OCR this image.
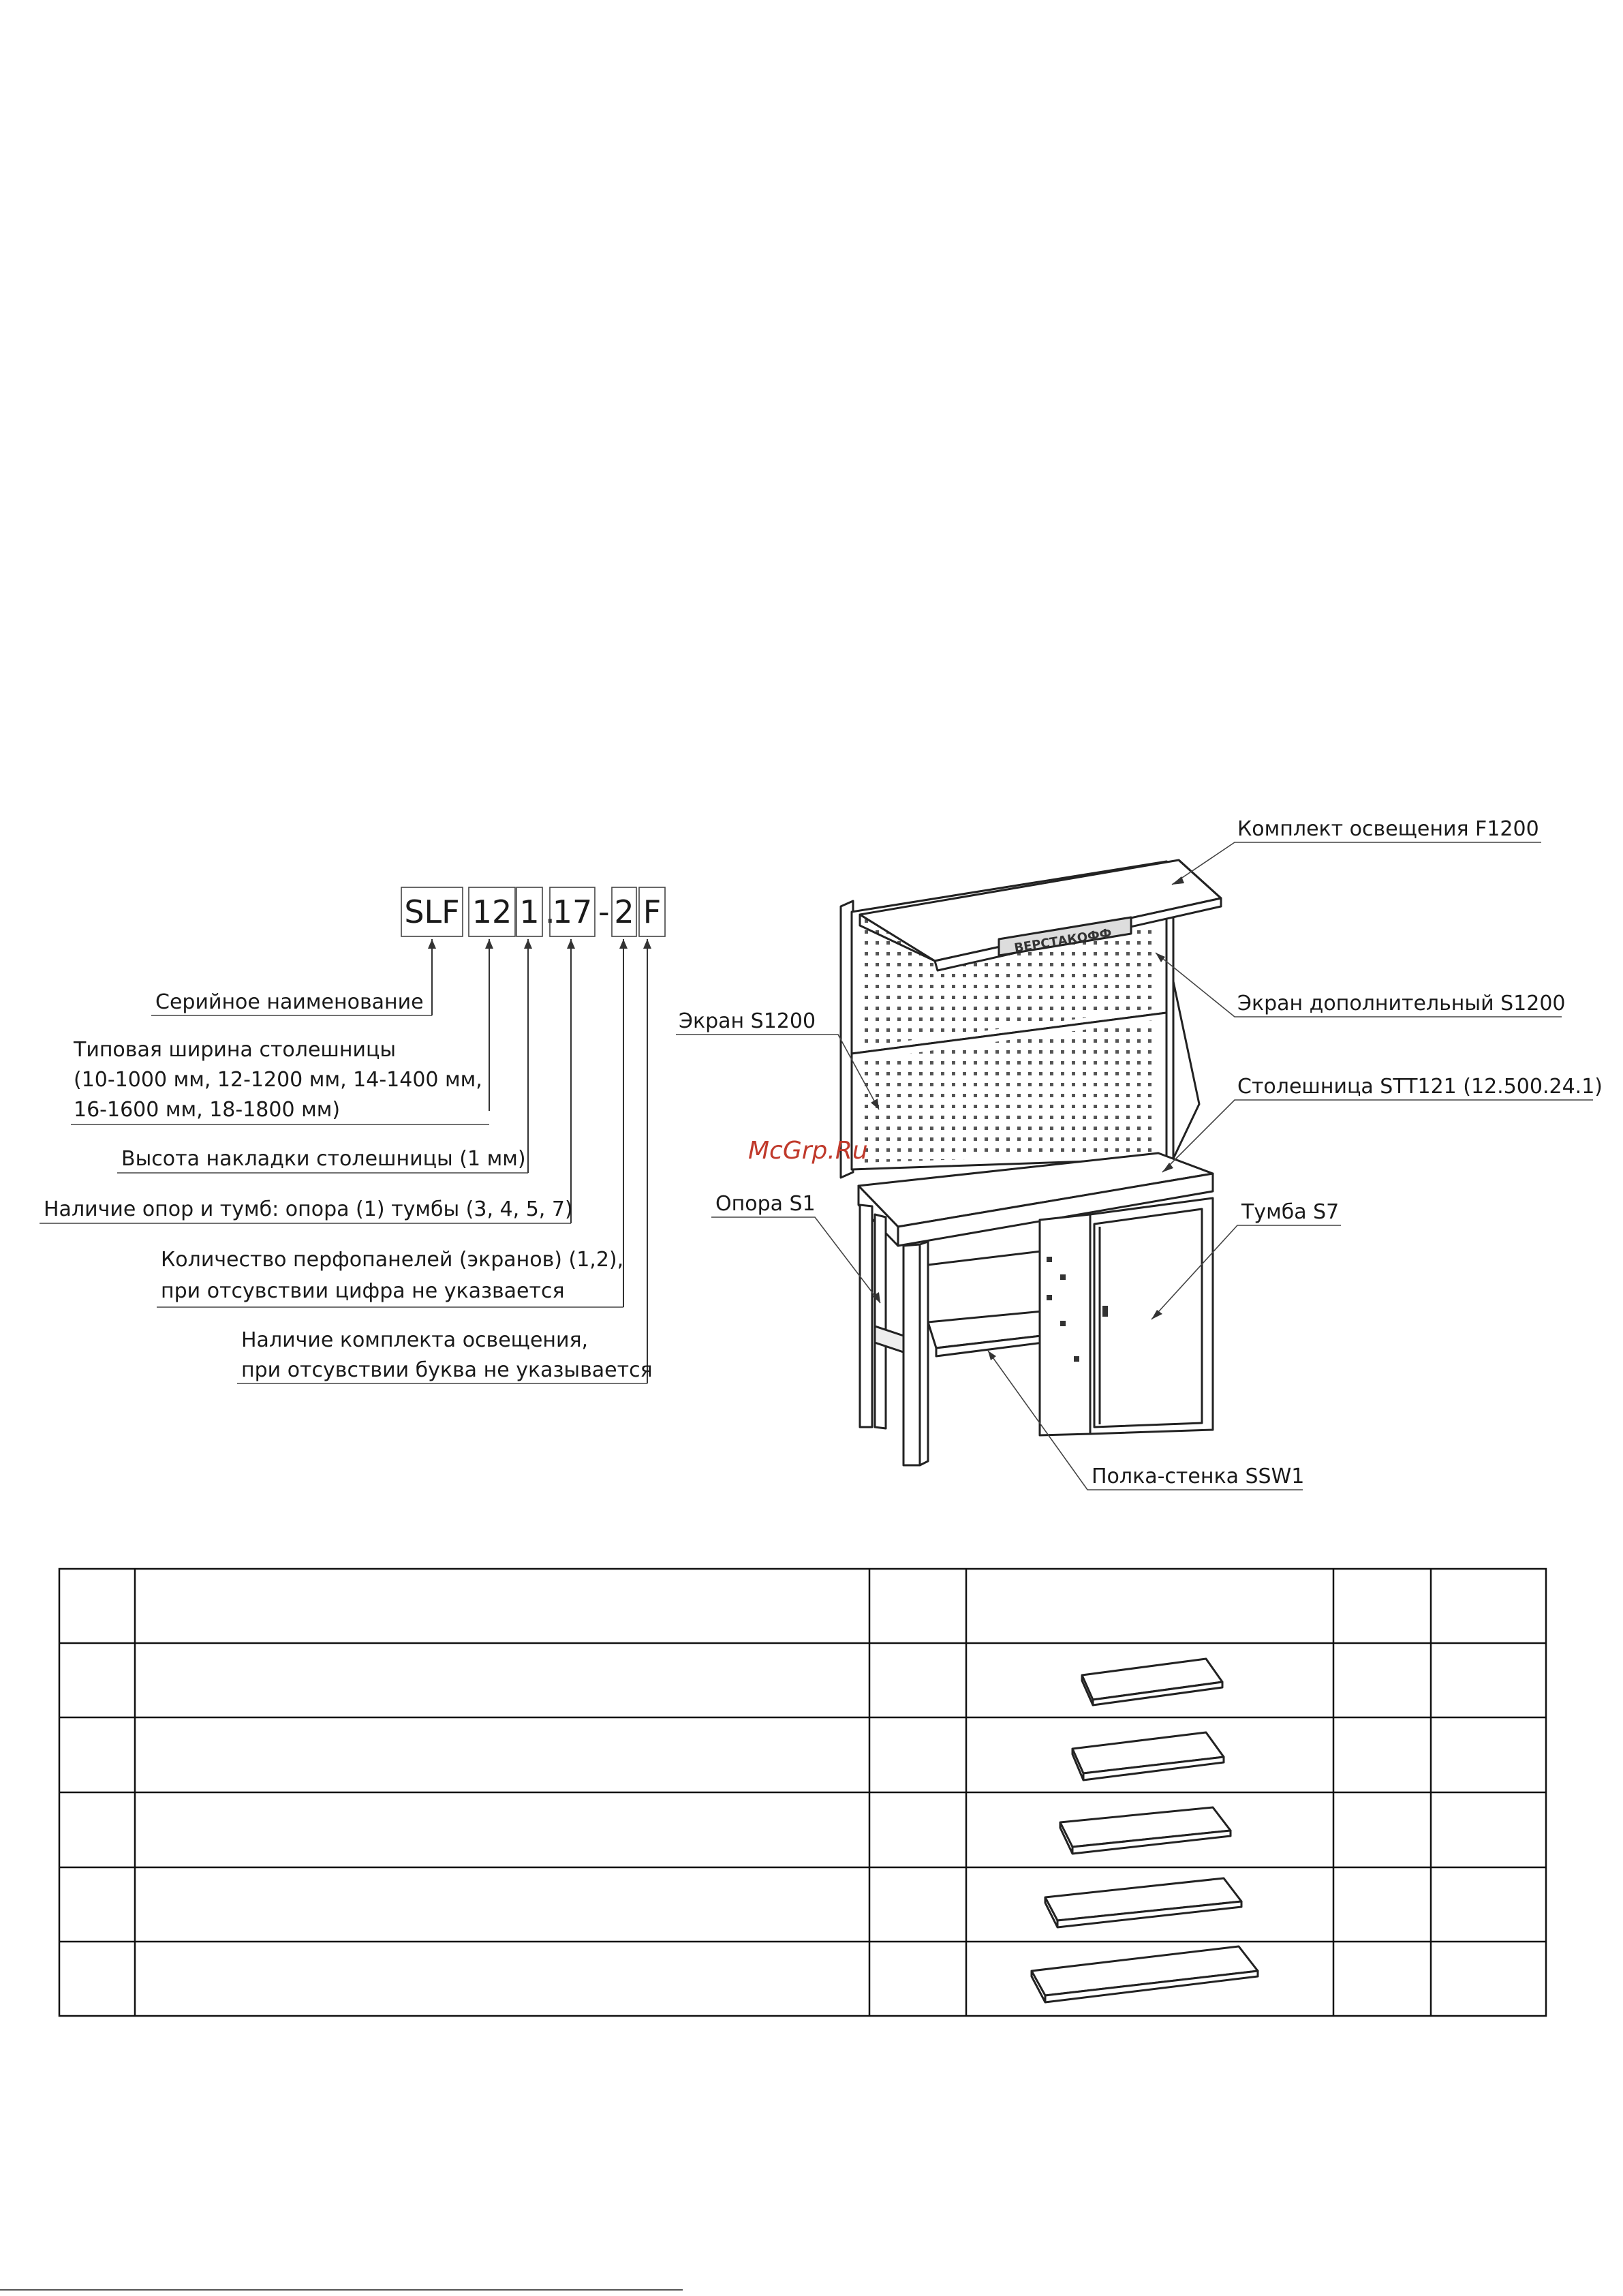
SLF 12 1 .
17 - 2 F
Серийное наименование
Типовая ширина столешницы
(10-1000 мм, 12-1200 мм, 14-1400 мм,
16-1600 мм, 18-1800 мм)
Высота накладки столешницы (1 мм)
Наличие опор и тумб: опора (1) тумбы (3, 4, 5, 7)
Количество перфопанелей (экранов) (1,2),
при отсувствии цифра не указвается
Наличие комплекта освещения,
при отсувствии буква не указывается
ВЕРСТАКОФФ
Комплект освещения F1200
Экран дополнительный S1200
Экран S1200
Столешница STT121 (12.500.24.1)
Опора S1	Тумба S7
Полка-стенка SSW1
McGrp.Ru
